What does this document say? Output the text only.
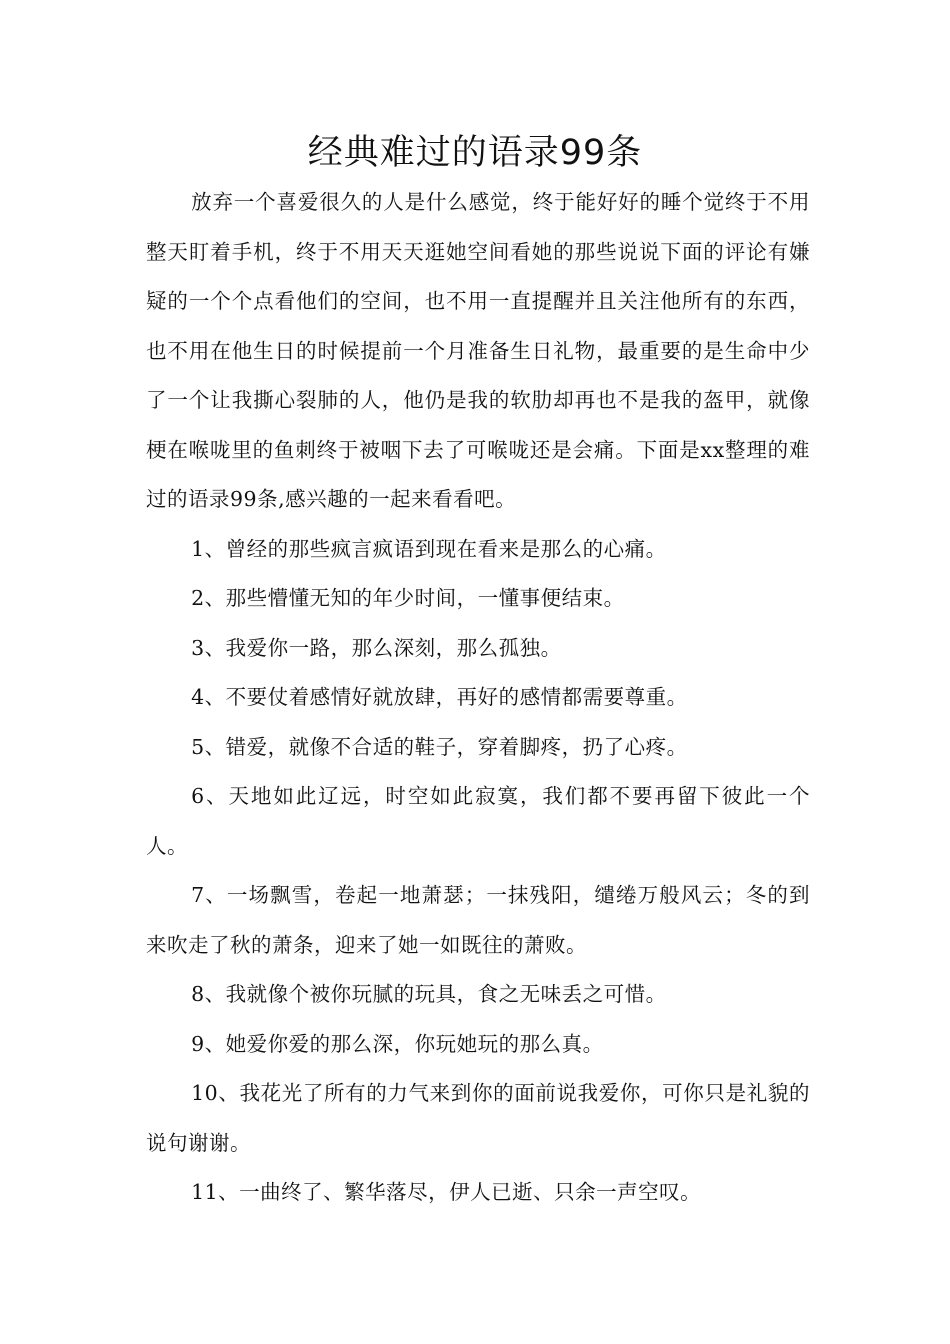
经典难过的语录99条

放弃一个喜爱很久的人是什么感觉，终于能好好的睡个觉终于不用整天盯着手机，终于不用天天逛她空间看她的那些说说下面的评论有嫌疑的一个个点看他们的空间，也不用一直提醒并且关注他所有的东西，也不用在他生日的时候提前一个月准备生日礼物，最重要的是生命中少了一个让我撕心裂肺的人，他仍是我的软肋却再也不是我的盔甲，就像梗在喉咙里的鱼刺终于被咽下去了可喉咙还是会痛。下面是xx整理的难过的语录99条,感兴趣的一起来看看吧。

1、曾经的那些疯言疯语到现在看来是那么的心痛。

2、那些懵懂无知的年少时间，一懂事便结束。

3、我爱你一路，那么深刻，那么孤独。

4、不要仗着感情好就放肆，再好的感情都需要尊重。

5、错爱，就像不合适的鞋子，穿着脚疼，扔了心疼。

6、天地如此辽远，时空如此寂寞，我们都不要再留下彼此一个人。

7、一场飘雪，卷起一地萧瑟；一抹残阳，缱绻万般风云；冬的到来吹走了秋的萧条，迎来了她一如既往的萧败。

8、我就像个被你玩腻的玩具，食之无味丢之可惜。

9、她爱你爱的那么深，你玩她玩的那么真。

10、我花光了所有的力气来到你的面前说我爱你，可你只是礼貌的说句谢谢。

11、一曲终了、繁华落尽，伊人已逝、只余一声空叹。
